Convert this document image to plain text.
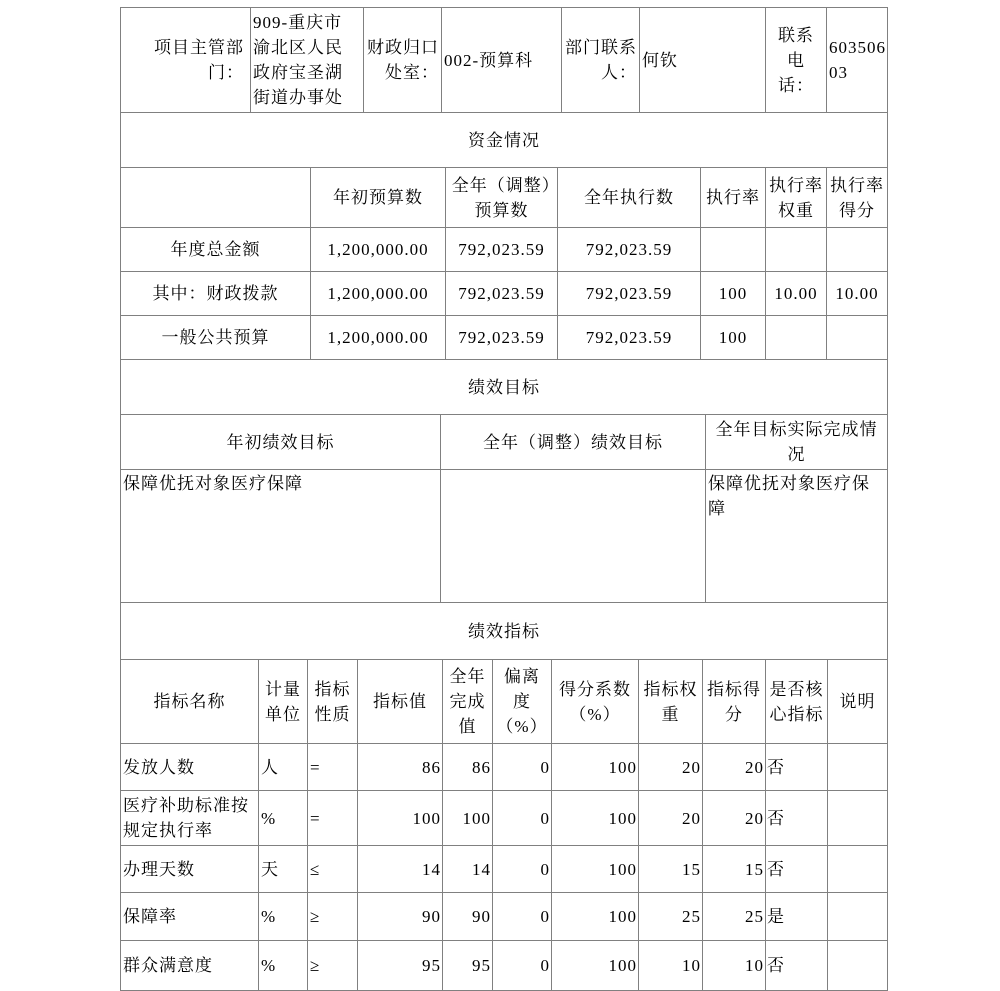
项目主管部门：	909-重庆市渝北区人民政府宝圣湖街道办事处	财政归口处室：	002-预算科	部门联系人：	何钦	联系电话：	60350603
资金情况						
	年初预算数	全年（调整）预算数	全年执行数	执行率	执行率权重	执行率得分
年度总金额	1,200,000.00	792,023.59	792,023.59			
其中：财政拨款	1,200,000.00	792,023.59	792,023.59	100	10.00	10.00
一般公共预算	1,200,000.00	792,023.59	792,023.59	100		
绩效目标		
年初绩效目标	全年（调整）绩效目标	全年目标实际完成情况
保障优抚对象医疗保障		保障优抚对象医疗保障
绩效指标										
指标名称	计量单位	指标性质	指标值	全年完成值	偏离度（%）	得分系数（%）	指标权重	指标得分	是否核心指标	说明
发放人数	人	=	86	86	0	100	20	20	否	
医疗补助标准按规定执行率	%	=	100	100	0	100	20	20	否	
办理天数	天	≤	14	14	0	100	15	15	否	
保障率	%	≥	90	90	0	100	25	25	是	
群众满意度	%	≥	95	95	0	100	10	10	否	
